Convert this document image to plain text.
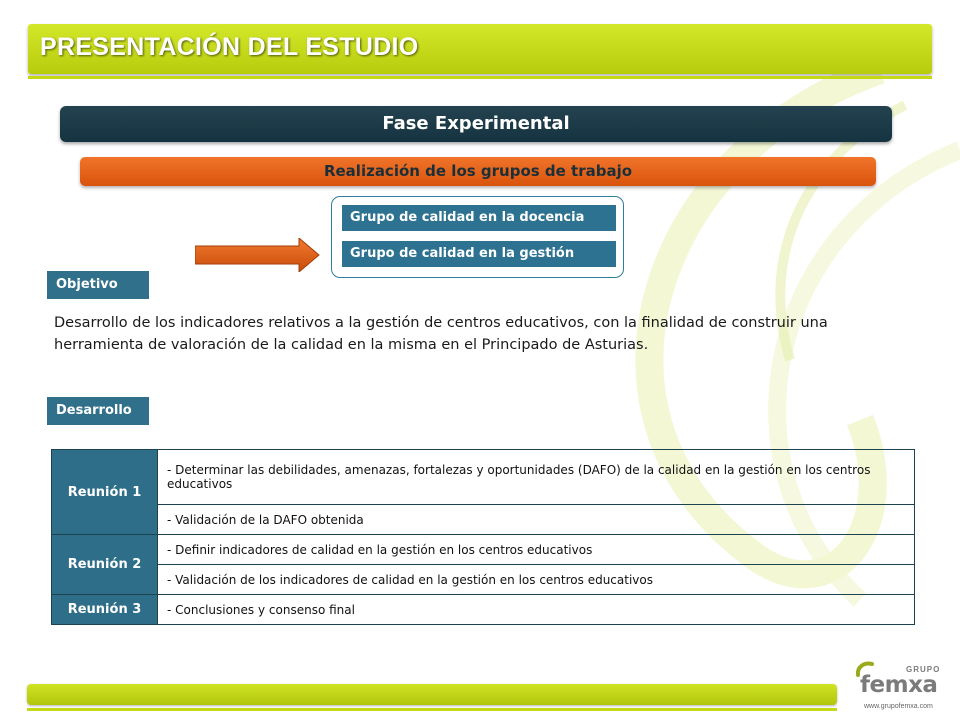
PRESENTACIÓN DEL ESTUDIO
Fase Experimental
Realización de los grupos de trabajo
Grupo de calidad en la docencia
Grupo de calidad en la gestión
Objetivo
Desarrollo de los indicadores relativos a la gestión de centros educativos, con la finalidad de construir una herramienta de valoración de la calidad en la misma en el Principado de Asturias.
Desarrollo
Reunión 1	- Determinar las debilidades, amenazas, fortalezas y oportunidades (DAFO) de la calidad en la gestión en los centros educativos
	- Validación de la DAFO obtenida
Reunión 2	- Definir indicadores de calidad en la gestión en los centros educativos
	- Validación de los indicadores de calidad en la gestión en los centros educativos
Reunión 3	- Conclusiones y consenso final
GRUPO
femxa
www.grupofemxa.com
